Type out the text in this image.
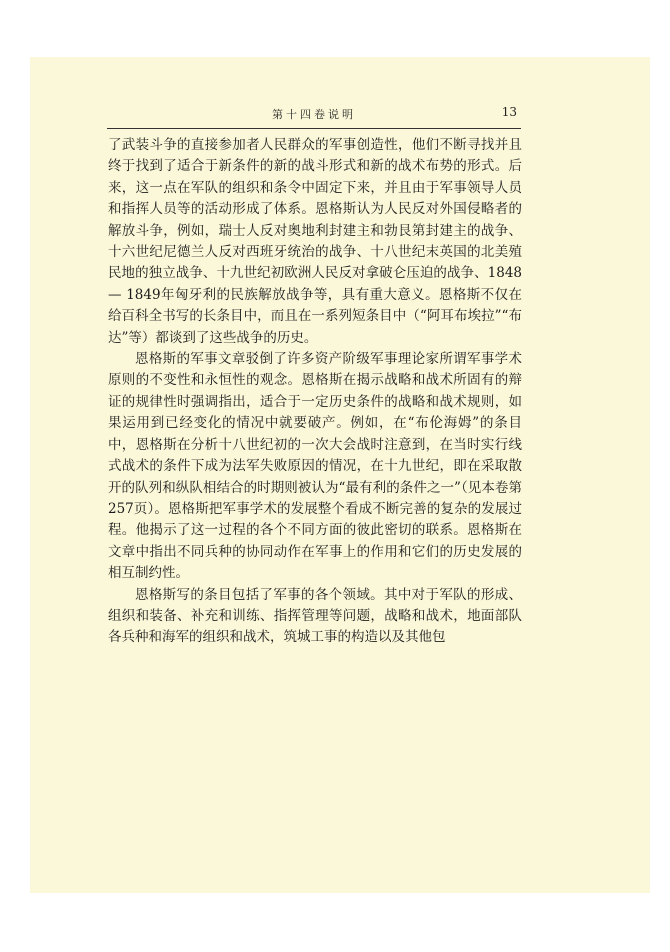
第十四卷说明	13

了武装斗争的直接参加者人民群众的军事创造性，他们不断寻找并且终于找到了适合于新条件的新的战斗形式和新的战术布势的形式。后来，这一点在军队的组织和条令中固定下来，并且由于军事领导人员和指挥人员等的活动形成了体系。恩格斯认为人民反对外国侵略者的解放斗争，例如，瑞士人反对奥地利封建主和勃艮第封建主的战争、十六世纪尼德兰人反对西班牙统治的战争、十八世纪末英国的北美殖民地的独立战争、十九世纪初欧洲人民反对拿破仑压迫的战争、1848— 1849年匈牙利的民族解放战争等，具有重大意义。恩格斯不仅在给百科全书写的长条目中，而且在一系列短条目中（“阿耳布埃拉”“布达”等）都谈到了这些战争的历史。

恩格斯的军事文章驳倒了许多资产阶级军事理论家所谓军事学术原则的不变性和永恒性的观念。恩格斯在揭示战略和战术所固有的辩证的规律性时强调指出，适合于一定历史条件的战略和战术规则，如果运用到已经变化的情况中就要破产。例如，在“布伦海姆”的条目中，恩格斯在分析十八世纪初的一次大会战时注意到，在当时实行线式战术的条件下成为法军失败原因的情况，在十九世纪，即在采取散开的队列和纵队相结合的时期则被认为“最有利的条件之一”（见本卷第257页）。恩格斯把军事学术的发展整个看成不断完善的复杂的发展过程。他揭示了这一过程的各个不同方面的彼此密切的联系。恩格斯在文章中指出不同兵种的协同动作在军事上的作用和它们的历史发展的相互制约性。

恩格斯写的条目包括了军事的各个领域。其中对于军队的形成、组织和装备、补充和训练、指挥管理等问题，战略和战术，地面部队各兵种和海军的组织和战术，筑城工事的构造以及其他包
